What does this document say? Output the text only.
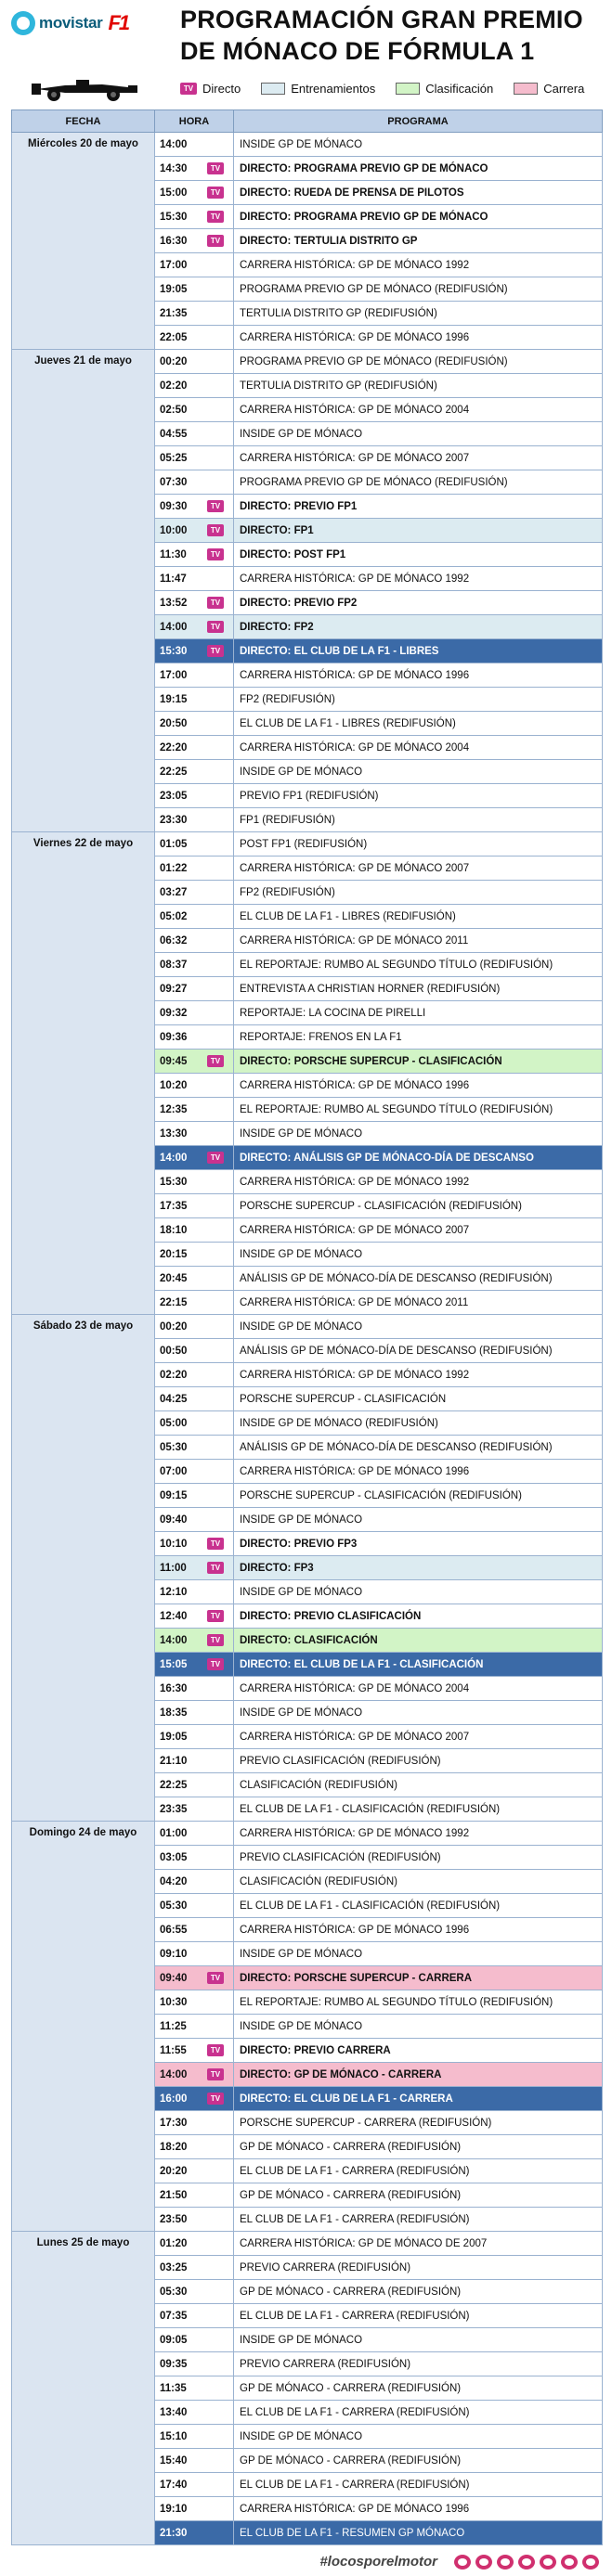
movistar F1 PROGRAMACIÓN GRAN PREMIO
DE MÓNACO DE FÓRMULA 1
TV Directo	Entrenamientos	Clasificación	Carrera
FECHA	HORA	PROGRAMA
Miércoles 20 de mayo	14:00	INSIDE GP DE MÓNACO
	14:30 TV	DIRECTO: PROGRAMA PREVIO GP DE MÓNACO
	15:00 TV	DIRECTO: RUEDA DE PRENSA DE PILOTOS
	15:30 TV	DIRECTO: PROGRAMA PREVIO GP DE MÓNACO
	16:30 TV	DIRECTO: TERTULIA DISTRITO GP
	17:00	CARRERA HISTÓRICA: GP DE MÓNACO 1992
	19:05	PROGRAMA PREVIO GP DE MÓNACO (REDIFUSIÓN)
	21:35	TERTULIA DISTRITO GP (REDIFUSIÓN)
	22:05	CARRERA HISTÓRICA: GP DE MÓNACO 1996
Jueves 21 de mayo	00:20	PROGRAMA PREVIO GP DE MÓNACO (REDIFUSIÓN)
	02:20	TERTULIA DISTRITO GP (REDIFUSIÓN)
	02:50	CARRERA HISTÓRICA: GP DE MÓNACO 2004
	04:55	INSIDE GP DE MÓNACO
	05:25	CARRERA HISTÓRICA: GP DE MÓNACO 2007
	07:30	PROGRAMA PREVIO GP DE MÓNACO (REDIFUSIÓN)
	09:30 TV	DIRECTO: PREVIO FP1
	10:00 TV	DIRECTO: FP1
	11:30 TV	DIRECTO: POST FP1
	11:47	CARRERA HISTÓRICA: GP DE MÓNACO 1992
	13:52 TV	DIRECTO: PREVIO FP2
	14:00 TV	DIRECTO: FP2
	15:30 TV	DIRECTO: EL CLUB DE LA F1 - LIBRES
	17:00	CARRERA HISTÓRICA: GP DE MÓNACO 1996
	19:15	FP2 (REDIFUSIÓN)
	20:50	EL CLUB DE LA F1 - LIBRES (REDIFUSIÓN)
	22:20	CARRERA HISTÓRICA: GP DE MÓNACO 2004
	22:25	INSIDE GP DE MÓNACO
	23:05	PREVIO FP1 (REDIFUSIÓN)
	23:30	FP1 (REDIFUSIÓN)
Viernes 22 de mayo	01:05	POST FP1 (REDIFUSIÓN)
	01:22	CARRERA HISTÓRICA: GP DE MÓNACO 2007
	03:27	FP2 (REDIFUSIÓN)
	05:02	EL CLUB DE LA F1 - LIBRES (REDIFUSIÓN)
	06:32	CARRERA HISTÓRICA: GP DE MÓNACO 2011
	08:37	EL REPORTAJE: RUMBO AL SEGUNDO TÍTULO (REDIFUSIÓN)
	09:27	ENTREVISTA A CHRISTIAN HORNER (REDIFUSIÓN)
	09:32	REPORTAJE: LA COCINA DE PIRELLI
	09:36	REPORTAJE: FRENOS EN LA F1
	09:45 TV	DIRECTO: PORSCHE SUPERCUP - CLASIFICACIÓN
	10:20	CARRERA HISTÓRICA: GP DE MÓNACO 1996
	12:35	EL REPORTAJE: RUMBO AL SEGUNDO TÍTULO (REDIFUSIÓN)
	13:30	INSIDE GP DE MÓNACO
	14:00 TV	DIRECTO: ANÁLISIS GP DE MÓNACO-DÍA DE DESCANSO
	15:30	CARRERA HISTÓRICA: GP DE MÓNACO 1992
	17:35	PORSCHE SUPERCUP - CLASIFICACIÓN (REDIFUSIÓN)
	18:10	CARRERA HISTÓRICA: GP DE MÓNACO 2007
	20:15	INSIDE GP DE MÓNACO
	20:45	ANÁLISIS GP DE MÓNACO-DÍA DE DESCANSO (REDIFUSIÓN)
	22:15	CARRERA HISTÓRICA: GP DE MÓNACO 2011
Sábado 23 de mayo	00:20	INSIDE GP DE MÓNACO
	00:50	ANÁLISIS GP DE MÓNACO-DÍA DE DESCANSO (REDIFUSIÓN)
	02:20	CARRERA HISTÓRICA: GP DE MÓNACO 1992
	04:25	PORSCHE SUPERCUP - CLASIFICACIÓN
	05:00	INSIDE GP DE MÓNACO (REDIFUSIÓN)
	05:30	ANÁLISIS GP DE MÓNACO-DÍA DE DESCANSO (REDIFUSIÓN)
	07:00	CARRERA HISTÓRICA: GP DE MÓNACO 1996
	09:15	PORSCHE SUPERCUP - CLASIFICACIÓN (REDIFUSIÓN)
	09:40	INSIDE GP DE MÓNACO
	10:10 TV	DIRECTO: PREVIO FP3
	11:00 TV	DIRECTO: FP3
	12:10	INSIDE GP DE MÓNACO
	12:40 TV	DIRECTO: PREVIO CLASIFICACIÓN
	14:00 TV	DIRECTO: CLASIFICACIÓN
	15:05 TV	DIRECTO: EL CLUB DE LA F1 - CLASIFICACIÓN
	16:30	CARRERA HISTÓRICA: GP DE MÓNACO 2004
	18:35	INSIDE GP DE MÓNACO
	19:05	CARRERA HISTÓRICA: GP DE MÓNACO 2007
	21:10	PREVIO CLASIFICACIÓN (REDIFUSIÓN)
	22:25	CLASIFICACIÓN (REDIFUSIÓN)
	23:35	EL CLUB DE LA F1 - CLASIFICACIÓN (REDIFUSIÓN)
Domingo 24 de mayo	01:00	CARRERA HISTÓRICA: GP DE MÓNACO 1992
	03:05	PREVIO CLASIFICACIÓN (REDIFUSIÓN)
	04:20	CLASIFICACIÓN (REDIFUSIÓN)
	05:30	EL CLUB DE LA F1 - CLASIFICACIÓN (REDIFUSIÓN)
	06:55	CARRERA HISTÓRICA: GP DE MÓNACO 1996
	09:10	INSIDE GP DE MÓNACO
	09:40 TV	DIRECTO: PORSCHE SUPERCUP - CARRERA
	10:30	EL REPORTAJE: RUMBO AL SEGUNDO TÍTULO (REDIFUSIÓN)
	11:25	INSIDE GP DE MÓNACO
	11:55 TV	DIRECTO: PREVIO CARRERA
	14:00 TV	DIRECTO: GP DE MÓNACO - CARRERA
	16:00 TV	DIRECTO: EL CLUB DE LA F1 - CARRERA
	17:30	PORSCHE SUPERCUP - CARRERA (REDIFUSIÓN)
	18:20	GP DE MÓNACO - CARRERA (REDIFUSIÓN)
	20:20	EL CLUB DE LA F1 - CARRERA (REDIFUSIÓN)
	21:50	GP DE MÓNACO - CARRERA (REDIFUSIÓN)
	23:50	EL CLUB DE LA F1 - CARRERA (REDIFUSIÓN)
Lunes 25 de mayo	01:20	CARRERA HISTÓRICA: GP DE MÓNACO DE 2007
	03:25	PREVIO CARRERA (REDIFUSIÓN)
	05:30	GP DE MÓNACO - CARRERA (REDIFUSIÓN)
	07:35	EL CLUB DE LA F1 - CARRERA (REDIFUSIÓN)
	09:05	INSIDE GP DE MÓNACO
	09:35	PREVIO CARRERA (REDIFUSIÓN)
	11:35	GP DE MÓNACO - CARRERA (REDIFUSIÓN)
	13:40	EL CLUB DE LA F1 - CARRERA (REDIFUSIÓN)
	15:10	INSIDE GP DE MÓNACO
	15:40	GP DE MÓNACO - CARRERA (REDIFUSIÓN)
	17:40	EL CLUB DE LA F1 - CARRERA (REDIFUSIÓN)
	19:10	CARRERA HISTÓRICA: GP DE MÓNACO 1996
	21:30	EL CLUB DE LA F1 - RESUMEN GP MÓNACO
#locosporelmotor
